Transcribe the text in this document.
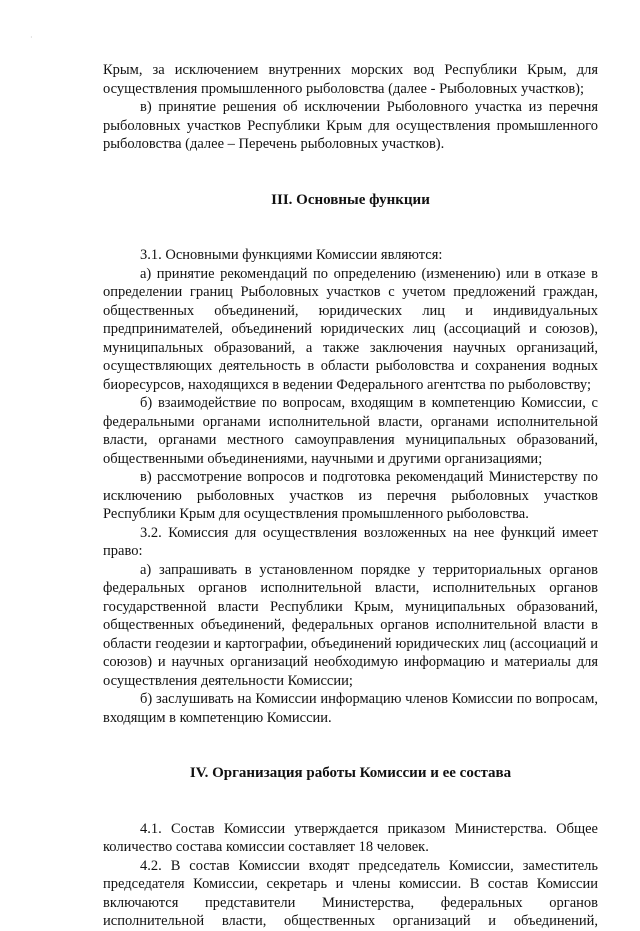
·

Крым, за исключением внутренних морских вод Республики Крым, для осуществления промышленного рыболовства (далее - Рыболовных участков);

в) принятие решения об исключении Рыболовного участка из перечня рыболовных участков Республики Крым для осуществления промышленного рыболовства (далее – Перечень рыболовных участков).

III. Основные функции

3.1. Основными функциями Комиссии являются:

а) принятие рекомендаций по определению (изменению) или в отказе в определении границ Рыболовных участков с учетом предложений граждан, общественных объединений, юридических лиц и индивидуальных предпринимателей, объединений юридических лиц (ассоциаций и союзов), муниципальных образований, а также заключения научных организаций, осуществляющих деятельность в области рыболовства и сохранения водных биоресурсов, находящихся в ведении Федерального агентства по рыболовству;

б) взаимодействие по вопросам, входящим в компетенцию Комиссии, с федеральными органами исполнительной власти, органами исполнительной власти, органами местного самоуправления муниципальных образований, общественными объединениями, научными и другими организациями;

в) рассмотрение вопросов и подготовка рекомендаций Министерству по исключению рыболовных участков из перечня рыболовных участков Республики Крым для осуществления промышленного рыболовства.

3.2. Комиссия для осуществления возложенных на нее функций имеет право:

а) запрашивать в установленном порядке у территориальных органов федеральных органов исполнительной власти, исполнительных органов государственной власти Республики Крым, муниципальных образований, общественных объединений, федеральных органов исполнительной власти в области геодезии и картографии, объединений юридических лиц (ассоциаций и союзов) и научных организаций необходимую информацию и материалы для осуществления деятельности Комиссии;

б) заслушивать на Комиссии информацию членов Комиссии по вопросам, входящим в компетенцию Комиссии.

IV. Организация работы Комиссии и ее состава

4.1. Состав Комиссии утверждается приказом Министерства. Общее количество состава комиссии составляет 18 человек.

4.2. В состав Комиссии входят председатель Комиссии, заместитель председателя Комиссии, секретарь и члены комиссии. В состав Комиссии включаются представители Министерства, федеральных органов исполнительной власти, общественных организаций и объединений,
